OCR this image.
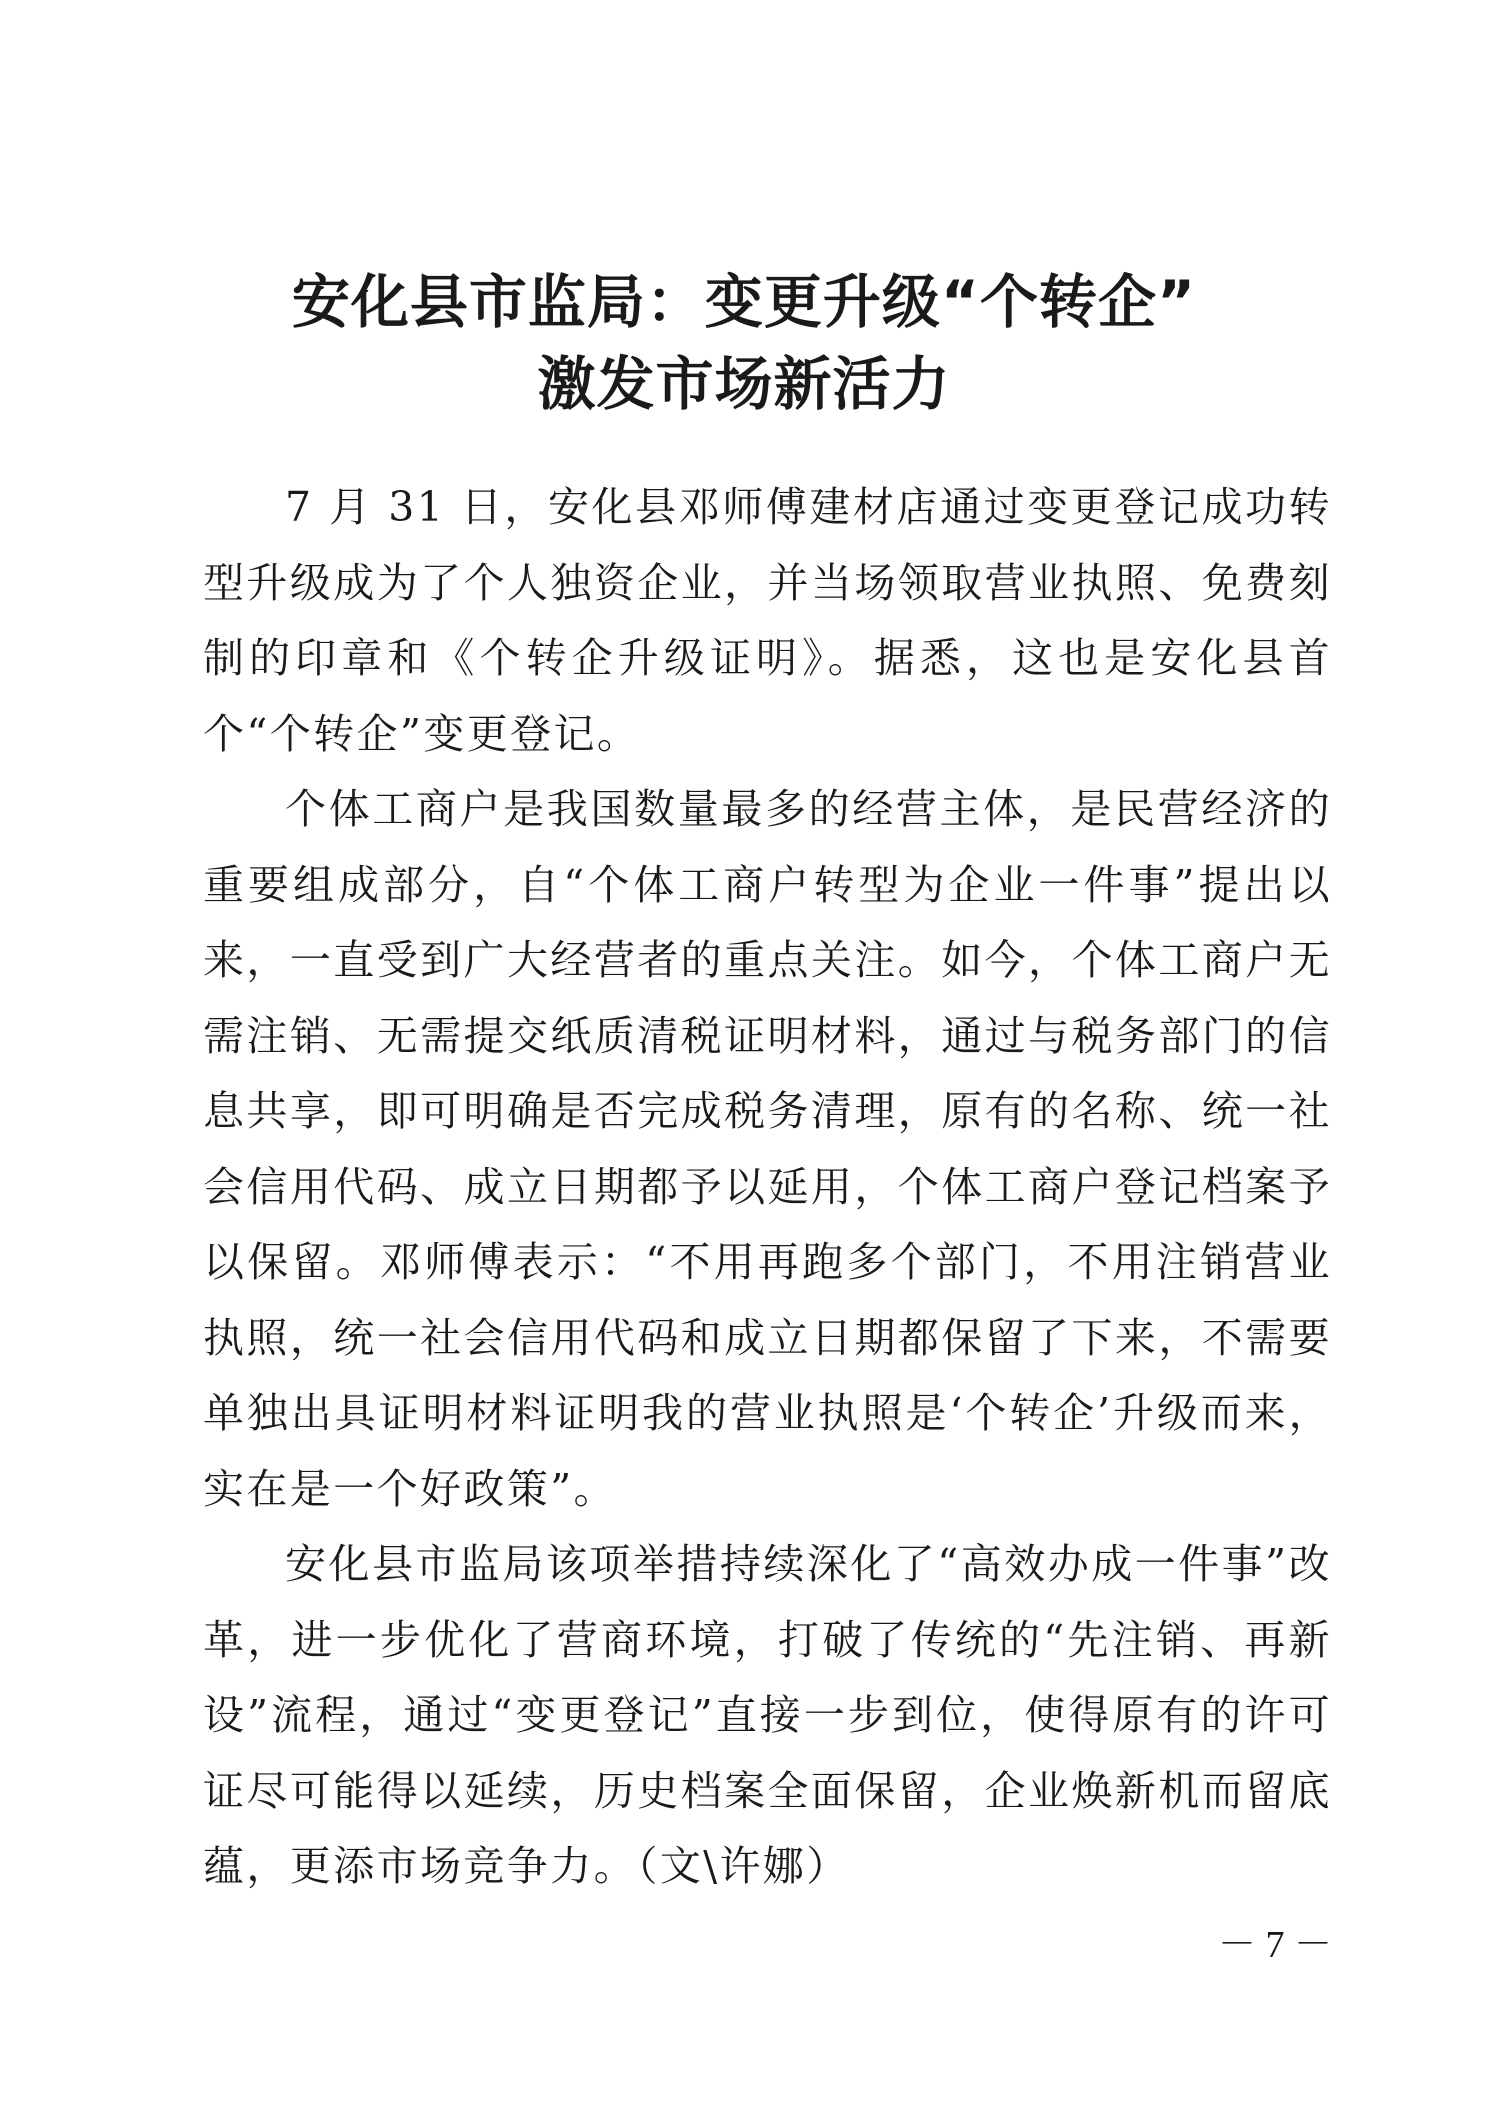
安化县市监局：变更升级“个转企”
激发市场新活力

7 月 31 日，安化县邓师傅建材店通过变更登记成功转型升级成为了个人独资企业，并当场领取营业执照、免费刻制的印章和《个转企升级证明》。据悉，这也是安化县首个“个转企”变更登记。

个体工商户是我国数量最多的经营主体，是民营经济的重要组成部分，自“个体工商户转型为企业一件事”提出以来，一直受到广大经营者的重点关注。如今，个体工商户无需注销、无需提交纸质清税证明材料，通过与税务部门的信息共享，即可明确是否完成税务清理，原有的名称、统一社会信用代码、成立日期都予以延用，个体工商户登记档案予以保留。邓师傅表示：“不用再跑多个部门，不用注销营业执照，统一社会信用代码和成立日期都保留了下来，不需要单独出具证明材料证明我的营业执照是‘个转企’升级而来，实在是一个好政策”。

安化县市监局该项举措持续深化了“高效办成一件事”改革，进一步优化了营商环境，打破了传统的“先注销、再新设”流程，通过“变更登记”直接一步到位，使得原有的许可证尽可能得以延续，历史档案全面保留，企业焕新机而留底蕴，更添市场竞争力。（文\许娜）

－ 7 －
